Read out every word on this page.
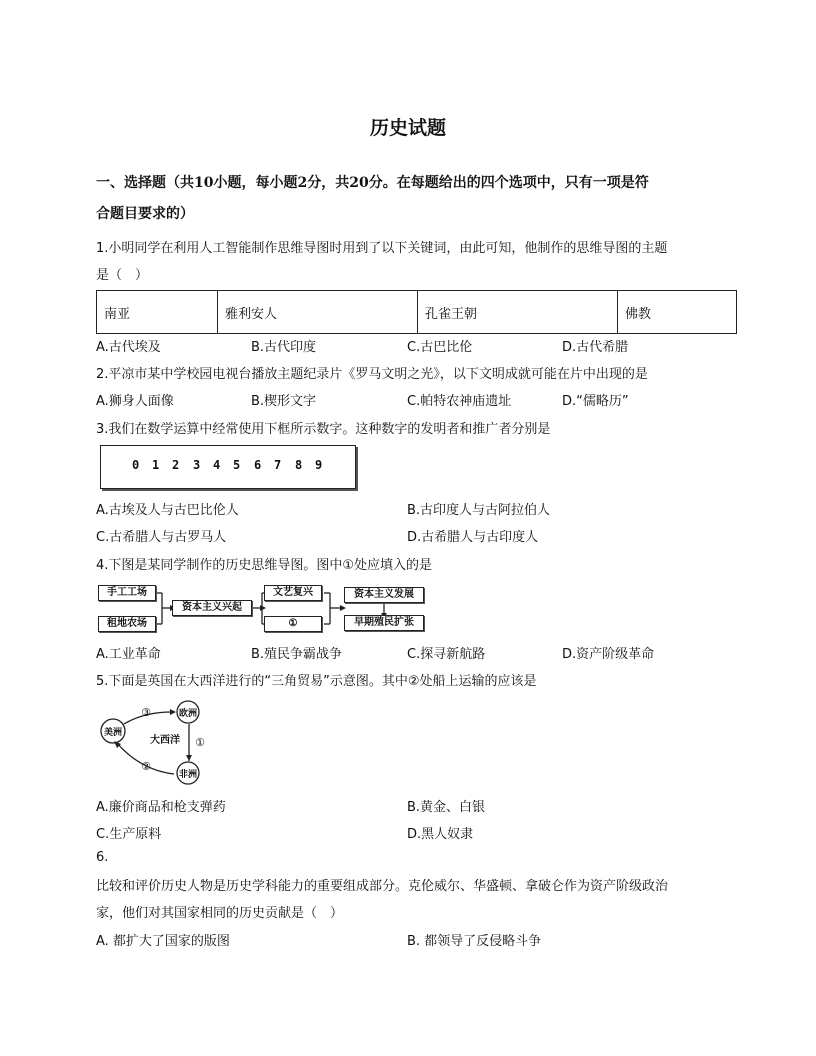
历史试题
一、选择题（共10小题，每小题2分，共20分。在每题给出的四个选项中，只有一项是符
合题目要求的）
1.小明同学在利用人工智能制作思维导图时用到了以下关键词，由此可知，他制作的思维导图的主题
是（　）
南亚	雅利安人	孔雀王朝	佛教
A.古代埃及	B.古代印度	C.古巴比伦	D.古代希腊
2.平凉市某中学校园电视台播放主题纪录片《罗马文明之光》，以下文明成就可能在片中出现的是
A.狮身人面像	B.楔形文字	C.帕特农神庙遗址	D.“儒略历”
3.我们在数学运算中经常使用下框所示数字。这种数字的发明者和推广者分别是
0 1 2 3 4 5 6 7 8 9
A.古埃及人与古巴比伦人	B.古印度人与古阿拉伯人
C.古希腊人与古罗马人	D.古希腊人与古印度人
4.下图是某同学制作的历史思维导图。图中①处应填入的是
手工工场
租地农场
资本主义兴起
文艺复兴
①
资本主义发展
早期殖民扩张
A.工业革命	B.殖民争霸战争	C.探寻新航路	D.资产阶级革命
5.下面是英国在大西洋进行的“三角贸易”示意图。其中②处船上运输的应该是
美洲
欧洲
非洲
大西洋 ①
②
③
A.廉价商品和枪支弹药	B.黄金、白银
C.生产原料	D.黑人奴隶
6.
比较和评价历史人物是历史学科能力的重要组成部分。克伦威尔、华盛顿、拿破仑作为资产阶级政治
家，他们对其国家相同的历史贡献是（　）
A. 都扩大了国家的版图	B. 都领导了反侵略斗争
